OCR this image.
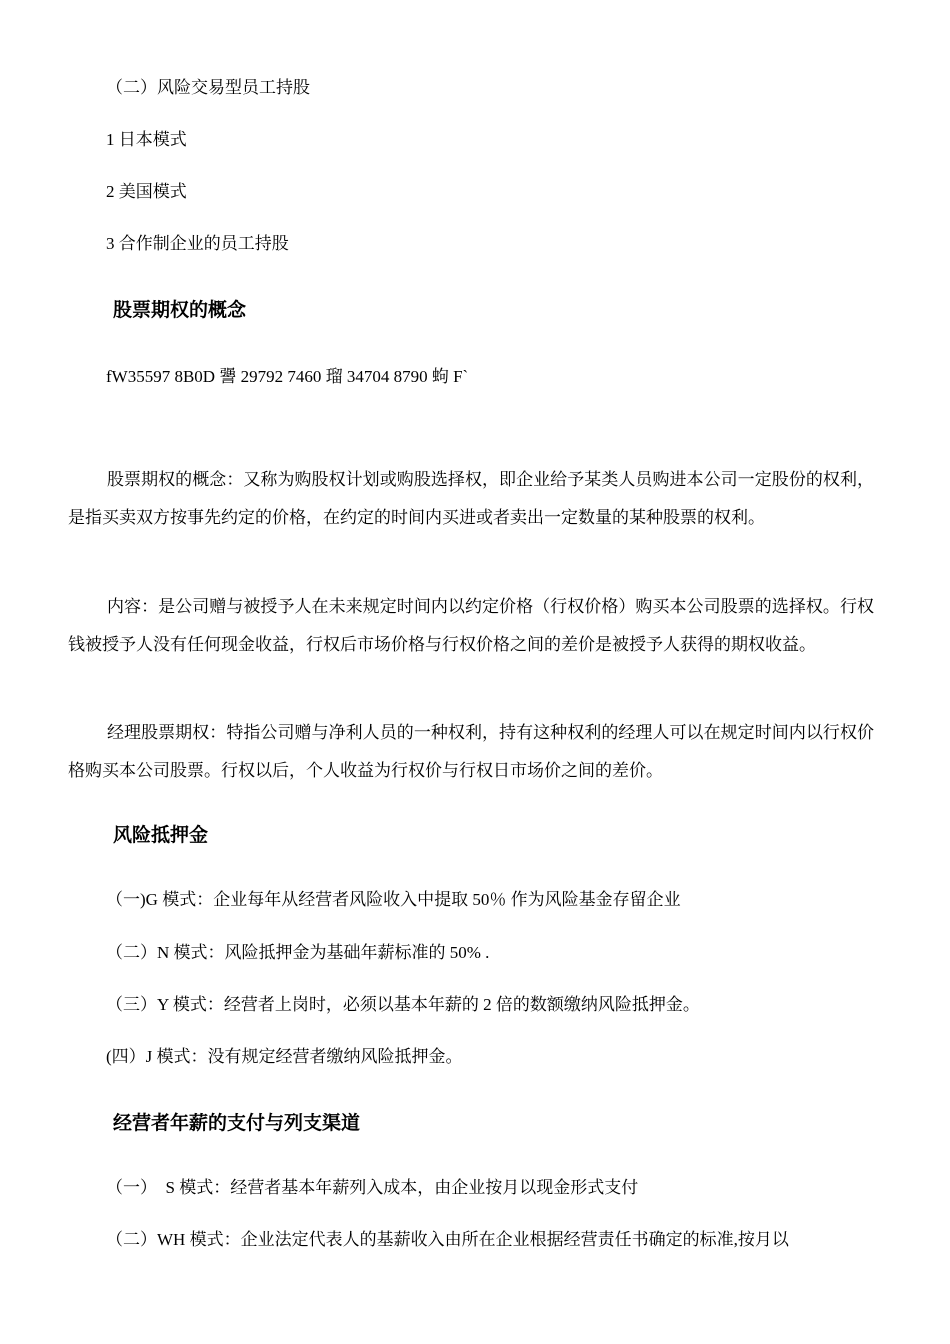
（二）风险交易型员工持股
1 日本模式
2 美国模式
3 合作制企业的员工持股
股票期权的概念
fW35597 8B0D 謽 29792 7460 瑠 34704 8790 蚼 F`
股票期权的概念：又称为购股权计划或购股选择权，即企业给予某类人员购进本公司一定股份的权利，是指买卖双方按事先约定的价格，在约定的时间内买进或者卖出一定数量的某种股票的权利。
内容：是公司赠与被授予人在未来规定时间内以约定价格（行权价格）购买本公司股票的选择权。行权钱被授予人没有任何现金收益，行权后市场价格与行权价格之间的差价是被授予人获得的期权收益。
经理股票期权：特指公司赠与净利人员的一种权利，持有这种权利的经理人可以在规定时间内以行权价格购买本公司股票。行权以后，个人收益为行权价与行权日市场价之间的差价。
风险抵押金
（一)G 模式：企业每年从经营者风险收入中提取 50％ 作为风险基金存留企业
（二）N 模式：风险抵押金为基础年薪标准的 50% .
（三）Y 模式：经营者上岗时，必须以基本年薪的 2 倍的数额缴纳风险抵押金。
(四）J 模式：没有规定经营者缴纳风险抵押金。
经营者年薪的支付与列支渠道
（一）  S 模式：经营者基本年薪列入成本，由企业按月以现金形式支付
（二）WH 模式：企业法定代表人的基薪收入由所在企业根据经营责任书确定的标准,按月以
